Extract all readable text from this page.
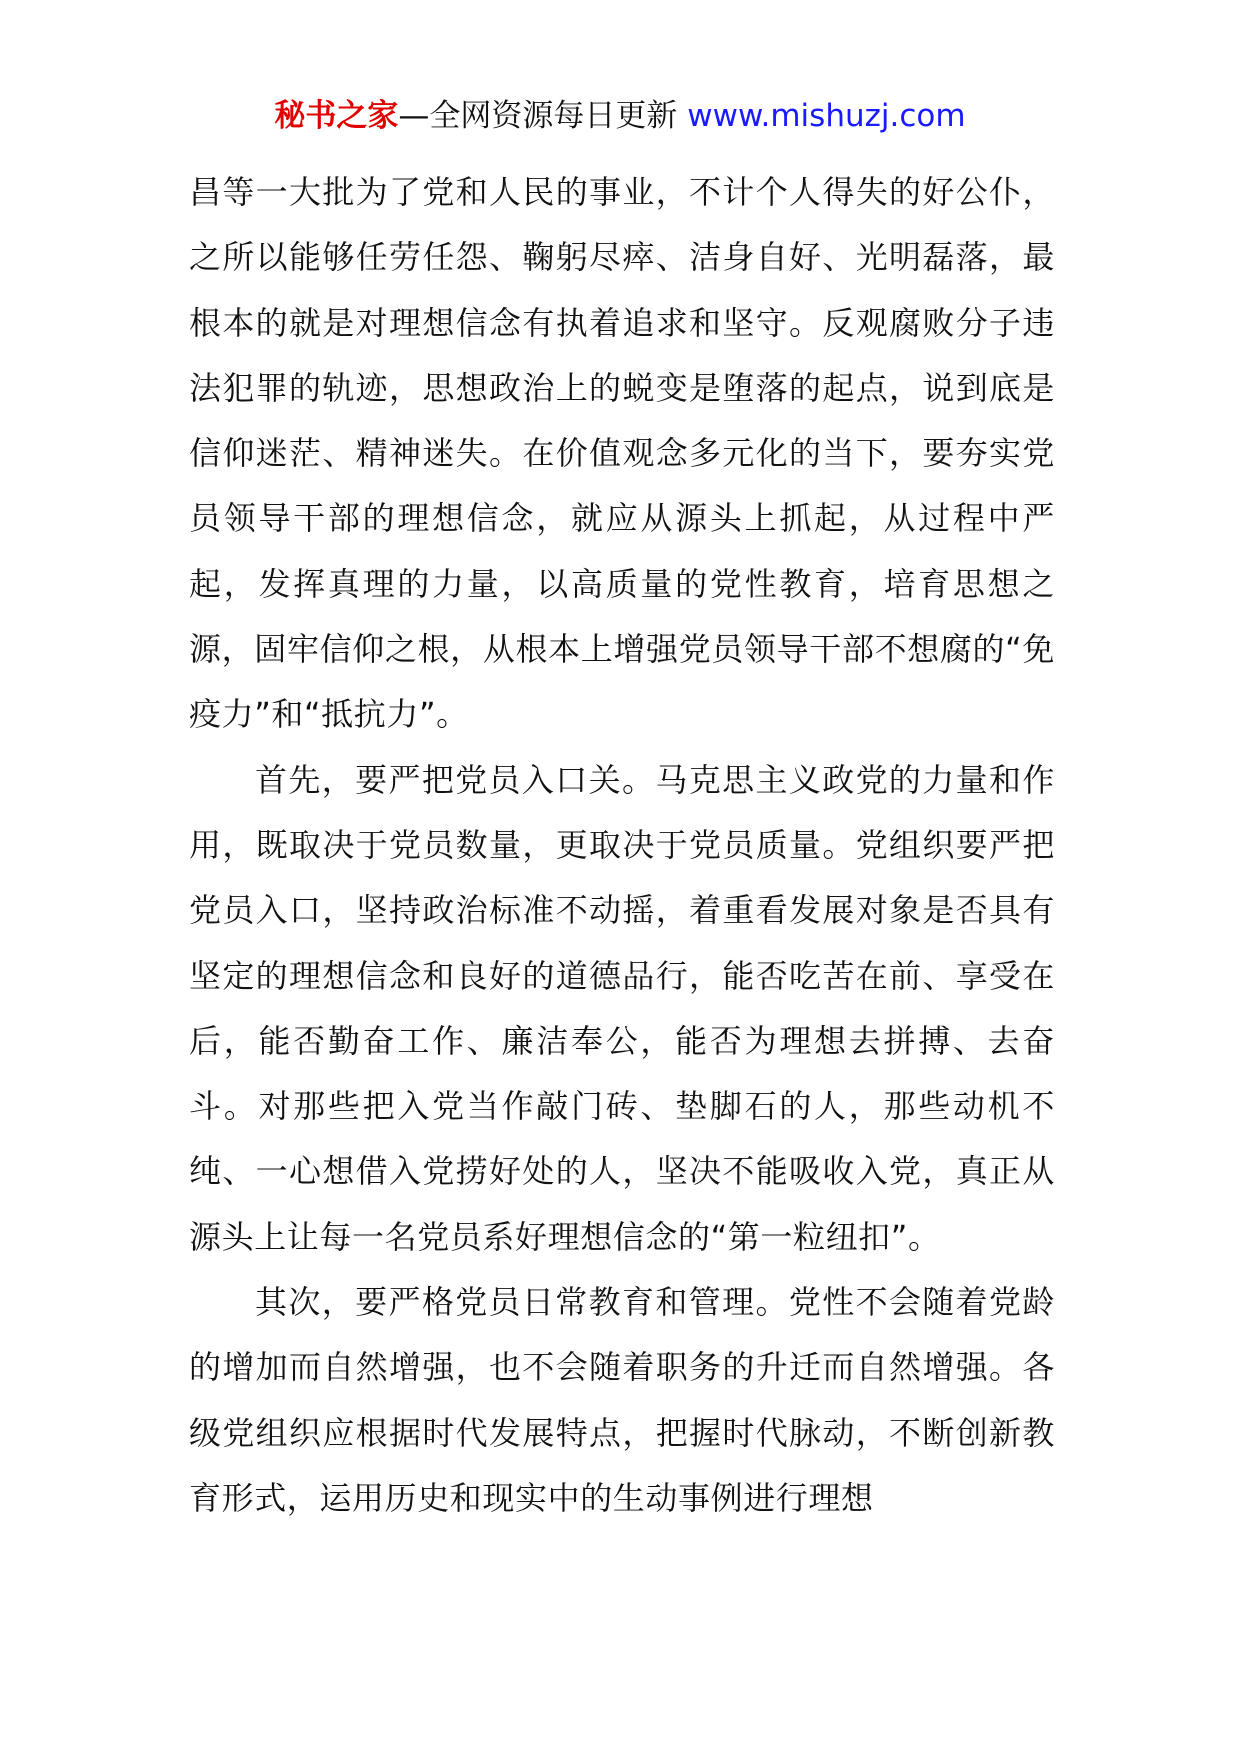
秘书之家—全网资源每日更新 www.mishuzj.com

昌等一大批为了党和人民的事业，不计个人得失的好公仆，之所以能够任劳任怨、鞠躬尽瘁、洁身自好、光明磊落，最根本的就是对理想信念有执着追求和坚守。反观腐败分子违法犯罪的轨迹，思想政治上的蜕变是堕落的起点，说到底是信仰迷茫、精神迷失。在价值观念多元化的当下，要夯实党员领导干部的理想信念，就应从源头上抓起，从过程中严起，发挥真理的力量，以高质量的党性教育，培育思想之源，固牢信仰之根，从根本上增强党员领导干部不想腐的“免疫力”和“抵抗力”。

首先，要严把党员入口关。马克思主义政党的力量和作用，既取决于党员数量，更取决于党员质量。党组织要严把党员入口，坚持政治标准不动摇，着重看发展对象是否具有坚定的理想信念和良好的道德品行，能否吃苦在前、享受在后，能否勤奋工作、廉洁奉公，能否为理想去拼搏、去奋斗。对那些把入党当作敲门砖、垫脚石的人，那些动机不纯、一心想借入党捞好处的人，坚决不能吸收入党，真正从源头上让每一名党员系好理想信念的“第一粒纽扣”。

其次，要严格党员日常教育和管理。党性不会随着党龄的增加而自然增强，也不会随着职务的升迁而自然增强。各级党组织应根据时代发展特点，把握时代脉动，不断创新教育形式，运用历史和现实中的生动事例进行理想
